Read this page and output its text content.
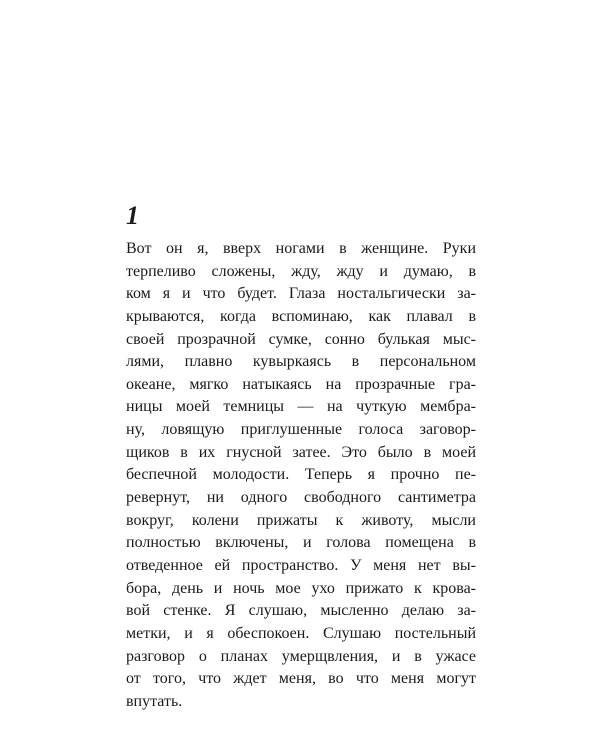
1
Вот он я, вверх ногами в женщине. Руки
терпеливо сложены, жду, жду и думаю, в
ком я и что будет. Глаза ностальгически за-
крываются, когда вспоминаю, как плавал в
своей прозрачной сумке, сонно булькая мыс-
лями, плавно кувыркаясь в персональном
океане, мягко натыкаясь на прозрачные гра-
ницы моей темницы — на чуткую мембра-
ну, ловящую приглушенные голоса заговор-
щиков в их гнусной затее. Это было в моей
беспечной молодости. Теперь я прочно пе-
ревернут, ни одного свободного сантиметра
вокруг, колени прижаты к животу, мысли
полностью включены, и голова помещена в
отведенное ей пространство. У меня нет вы-
бора, день и ночь мое ухо прижато к крова-
вой стенке. Я слушаю, мысленно делаю за-
метки, и я обеспокоен. Слушаю постельный
разговор о планах умерщвления, и в ужасе
от того, что ждет меня, во что меня могут
впутать.
